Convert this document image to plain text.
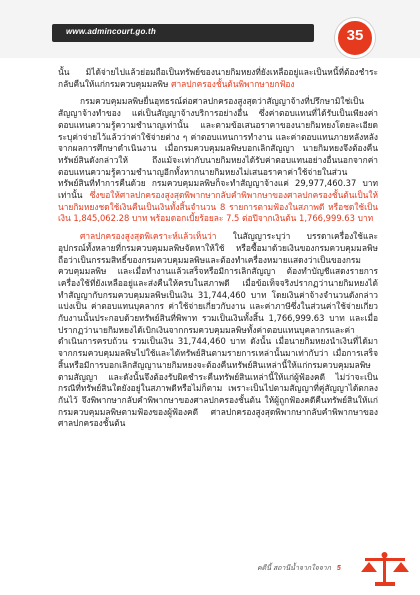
www.admincourt.go.th	35

นั้น มิได้จ่ายไปแล้วย่อมถือเป็นทรัพย์ของนายกิมหยงที่ยังเหลืออยู่และเป็นหนี้ที่ต้องชำระกลับคืนให้แก่กรมควบคุมมลพิษ ศาลปกครองชั้นต้นพิพากษายกฟ้อง

กรมควบคุมมลพิษยื่นอุทธรณ์ต่อศาลปกครองสูงสุดว่าสัญญาจ้างที่ปรึกษามิใช่เป็นสัญญาจ้างทำของ แต่เป็นสัญญาจ้างบริการอย่างอื่น ซึ่งค่าตอบแทนที่ได้รับเป็นเพียงค่าตอบแทนความรู้ความชำนาญเท่านั้น และตามข้อเสนอราคาของนายกิมหยงโดยละเอียดระบุค่าจ่ายไว้แล้วว่าค่าใช้จ่ายต่าง ๆ ค่าตอบแทนการทำงาน และค่าตอบแทนภายหลังหลังจากผลการศึกษาดำเนินงาน เมื่อกรมควบคุมมลพิษบอกเลิกสัญญา นายกิมหยงจึงต้องคืนทรัพย์สินดังกล่าวให้ ถึงแม้จะเท่ากับนายกิมหยงได้รับค่าตอบแทนอย่างอื่นนอกจากค่าตอบแทนความรู้ความชำนาญอีกทั้งหากนายกิมหยงไม่เสนอราคาค่าใช้จ่ายในส่วนทรัพย์สินที่ทำการคืนด้วย กรมควบคุมมลพิษก็จะทำสัญญาจ้างแค่ 29,977,460.37 บาท เท่านั้น ซึ่งขอให้ศาลปกครองสูงสุดพิพากษากลับคำพิพากษาของศาลปกครองชั้นต้นเป็นให้นายกิมหยงชดใช้เงินคืนเป็นเงินทั้งสิ้นจำนวน 8 รายการตามฟ้องในสภาพดี หรือชดใช้เป็นเงิน 1,845,062.28 บาท พร้อมดอกเบี้ยร้อยละ 7.5 ต่อปีจากเงินต้น 1,766,999.63 บาท

ศาลปกครองสูงสุดพิเคราะห์แล้วเห็นว่า ในสัญญาระบุว่า บรรดาเครื่องใช้และอุปกรณ์ทั้งหลายที่กรมควบคุมมลพิษจัดหาให้ใช้ หรือซื้อมาด้วยเงินของกรมควบคุมมลพิษ ถือว่าเป็นกรรมสิทธิ์ของกรมควบคุมมลพิษและต้องทำเครื่องหมายแสดงว่าเป็นของกรมควบคุมมลพิษ และเมื่อทำงานแล้วเสร็จหรือมีการเลิกสัญญา ต้องทำบัญชีแสดงรายการเครื่องใช้ที่ยังเหลืออยู่และส่งคืนให้ครบในสภาพดี เมื่อข้อเท็จจริงปรากฏว่านายกิมหยงได้ทำสัญญากับกรมควบคุมมลพิษเป็นเงิน 31,744,460 บาท โดยเงินค่าจ้างจำนวนดังกล่าวแบ่งเป็น ค่าตอบแทนบุคลากร ค่าใช้จ่ายเกี่ยวกับงาน และค่าภาษีซึ่งในส่วนค่าใช้จ่ายเกี่ยวกับงานนั้นประกอบด้วยทรัพย์สินที่พิพาท รวมเป็นเงินทั้งสิ้น 1,766,999.63 บาท และเมื่อปรากฏว่านายกิมหยงได้เบิกเงินจากกรมควบคุมมลพิษทั้งค่าตอบแทนบุคลากรและค่าดำเนินการครบถ้วน รวมเป็นเงิน 31,744,460 บาท ดังนั้น เมื่อนายกิมหยงนำเงินที่ได้มาจากกรมควบคุมมลพิษไปใช้และได้ทรัพย์สินตามรายการเหล่านั้นมาเท่ากับว่า เมื่อการเสร็จสิ้นหรือมีการบอกเลิกสัญญานายกิมหยงจะต้องคืนทรัพย์สินเหล่านี้ให้แก่กรมควบคุมมลพิษตามสัญญา และดังนั้นจึงต้องรับผิดชำระคืนทรัพย์สินเหล่านี้ให้แก่ผู้ฟ้องคดี ไม่ว่าจะเป็นกรณีที่ทรัพย์สินใดยังอยู่ในสภาพดีหรือไม่ก็ตาม เพราะเป็นไปตามสัญญาที่คู่สัญญาได้ตกลงกันไว้ จึงพิพากษากลับคำพิพากษาของศาลปกครองชั้นต้น ให้ผู้ถูกฟ้องคดีคืนทรัพย์สินให้แก่กรมควบคุมมลพิษตามฟ้องของผู้ฟ้องคดี ศาลปกครองสูงสุดพิพากษากลับคำพิพากษาของศาลปกครองชั้นต้น

คดีนี้ สถานีน้ำจากใจจาก 5
